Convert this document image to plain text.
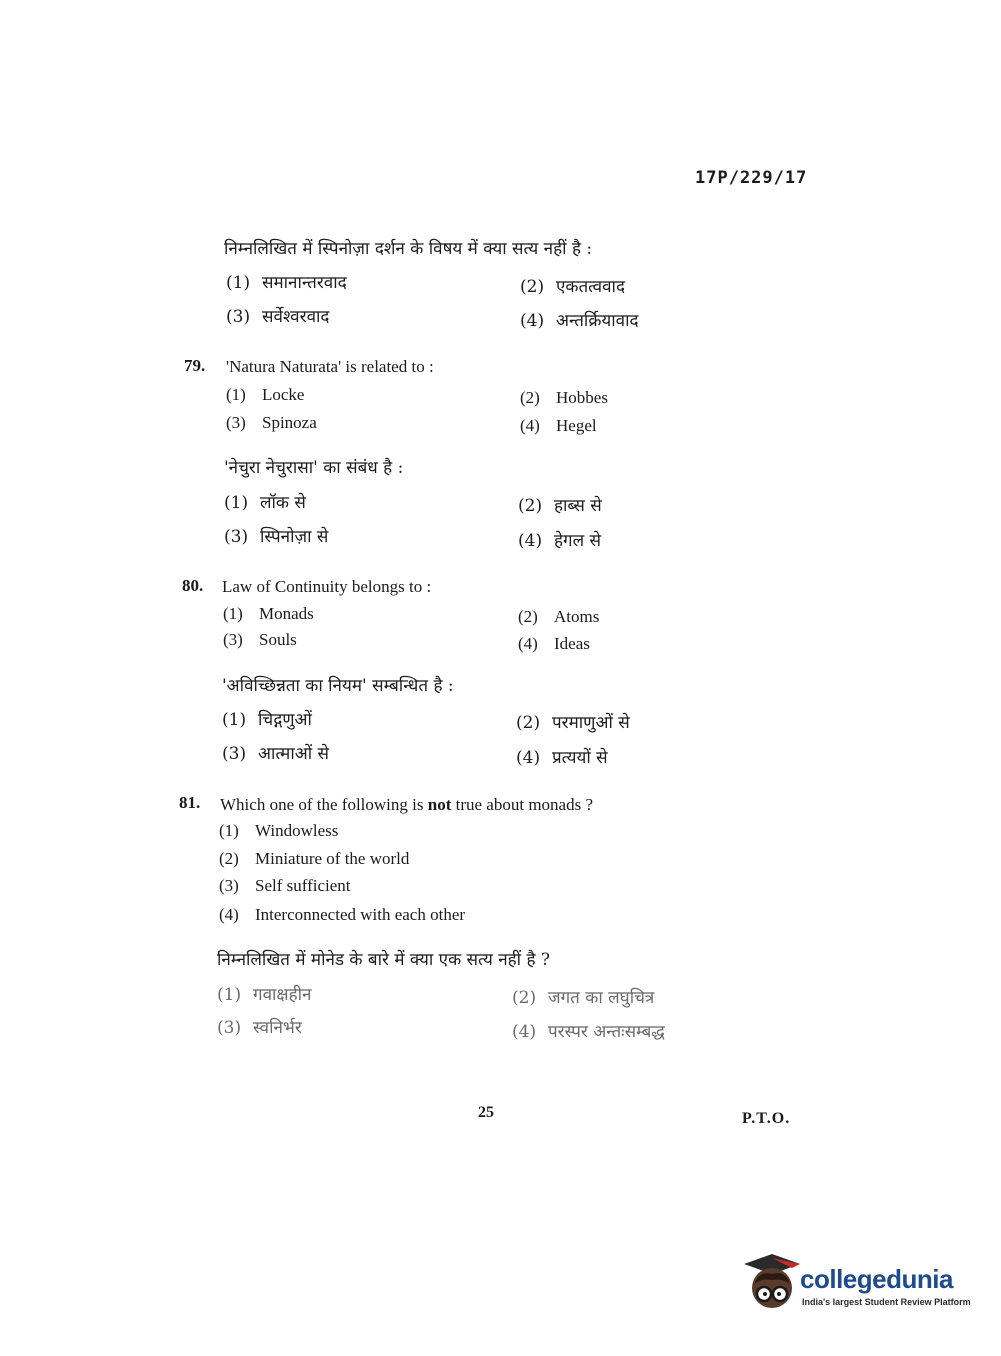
17P/229/17
निम्नलिखित में स्पिनोज़ा दर्शन के विषय में क्या सत्य नहीं है :
(1) समानान्तरवाद	(2) एकतत्ववाद
(3) सर्वेश्वरवाद	(4) अन्तर्क्रियावाद
79. 'Natura Naturata' is related to :
(1) Locke	(2) Hobbes
(3) Spinoza	(4) Hegel
'नेचुरा नेचुरासा' का संबंध है :
(1) लॉक से	(2) हाब्स से
(3) स्पिनोज़ा से	(4) हेगल से
80. Law of Continuity belongs to :
(1) Monads	(2) Atoms
(3) Souls	(4) Ideas
'अविच्छिन्नता का नियम' सम्बन्धित है :
(1) चिद्गणुओं	(2) परमाणुओं से
(3) आत्माओं से	(4) प्रत्ययों से
81. Which one of the following is not true about monads ?
(1) Windowless
(2) Miniature of the world
(3) Self sufficient
(4) Interconnected with each other
निम्नलिखित में मोनेड के बारे में क्या एक सत्य नहीं है ?
(1) गवाक्षहीन	(2) जगत का लघुचित्र
(3) स्वनिर्भर	(4) परस्पर अन्तःसम्बद्ध
25	P.T.O.
collegedunia
India's largest Student Review Platform
